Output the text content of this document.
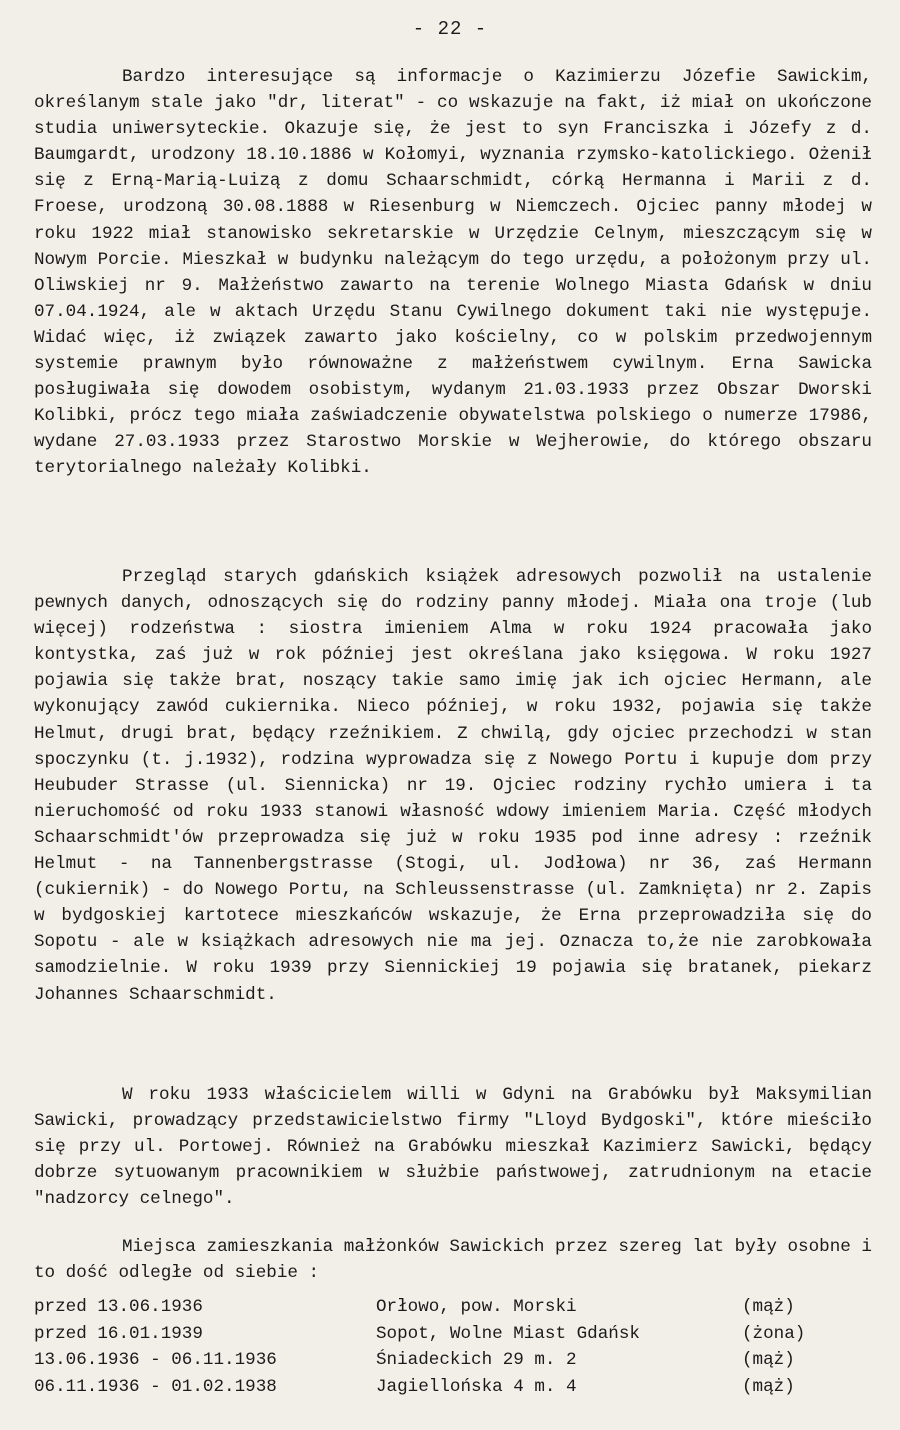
- 22 -

Bardzo interesujące są informacje o Kazimierzu Józefie Sawickim, określanym stale jako "dr, literat" - co wskazuje na fakt, iż miał on ukończone studia uniwersyteckie. Okazuje się, że jest to syn Franciszka i Józefy z d. Baumgardt, urodzony 18.10.1886 w Kołomyi, wyznania rzymsko-katolickiego. Ożenił się z Erną-Marią-Luizą z domu Schaarschmidt, córką Hermanna i Marii z d. Froese, urodzoną 30.08.1888 w Riesenburg w Niemczech. Ojciec panny młodej w roku 1922 miał stanowisko sekretarskie w Urzędzie Celnym, mieszczącym się w Nowym Porcie. Mieszkał w budynku należącym do tego urzędu, a położonym przy ul. Oliwskiej nr 9. Małżeństwo zawarto na terenie Wolnego Miasta Gdańsk w dniu 07.04.1924, ale w aktach Urzędu Stanu Cywilnego dokument taki nie występuje. Widać więc, iż związek zawarto jako kościelny, co w polskim przedwojennym systemie prawnym było równoważne z małżeństwem cywilnym. Erna Sawicka posługiwała się dowodem osobistym, wydanym 21.03.1933 przez Obszar Dworski Kolibki, prócz tego miała zaświadczenie obywatelstwa polskiego o numerze 17986, wydane 27.03.1933 przez Starostwo Morskie w Wejherowie, do którego obszaru terytorialnego należały Kolibki.

Przegląd starych gdańskich książek adresowych pozwolił na ustalenie pewnych danych, odnoszących się do rodziny panny młodej. Miała ona troje (lub więcej) rodzeństwa : siostra imieniem Alma w roku 1924 pracowała jako kontystka, zaś już w rok później jest określana jako księgowa. W roku 1927 pojawia się także brat, noszący takie samo imię jak ich ojciec Hermann, ale wykonujący zawód cukiernika. Nieco później, w roku 1932, pojawia się także Helmut, drugi brat, będący rzeźnikiem. Z chwilą, gdy ojciec przechodzi w stan spoczynku (t. j.1932), rodzina wyprowadza się z Nowego Portu i kupuje dom przy Heubuder Strasse (ul. Siennicka) nr 19. Ojciec rodziny rychło umiera i ta nieruchomość od roku 1933 stanowi własność wdowy imieniem Maria. Część młodych Schaarschmidt'ów przeprowadza się już w roku 1935 pod inne adresy : rzeźnik Helmut - na Tannenbergstrasse (Stogi, ul. Jodłowa) nr 36, zaś Hermann (cukiernik) - do Nowego Portu, na Schleussenstrasse (ul. Zamknięta) nr 2. Zapis w bydgoskiej kartotece mieszkańców wskazuje, że Erna przeprowadziła się do Sopotu - ale w książkach adresowych nie ma jej. Oznacza to,że nie zarobkowała samodzielnie. W roku 1939 przy Siennickiej 19 pojawia się bratanek, piekarz Johannes Schaarschmidt.

W roku 1933 właścicielem willi w Gdyni na Grabówku był Maksymilian Sawicki, prowadzący przedstawicielstwo firmy "Lloyd Bydgoski", które mieściło się przy ul. Portowej. Również na Grabówku mieszkał Kazimierz Sawicki, będący dobrze sytuowanym pracownikiem w służbie państwowej, zatrudnionym na etacie "nadzorcy celnego".

Miejsca zamieszkania małżonków Sawickich przez szereg lat były osobne i to dość odległe od siebie :

przed 13.06.1936	Orłowo, pow. Morski	(mąż)
przed 16.01.1939	Sopot, Wolne Miast Gdańsk	(żona)
13.06.1936 - 06.11.1936	Śniadeckich 29 m. 2	(mąż)
06.11.1936 - 01.02.1938	Jagiellońska 4 m. 4	(mąż)
